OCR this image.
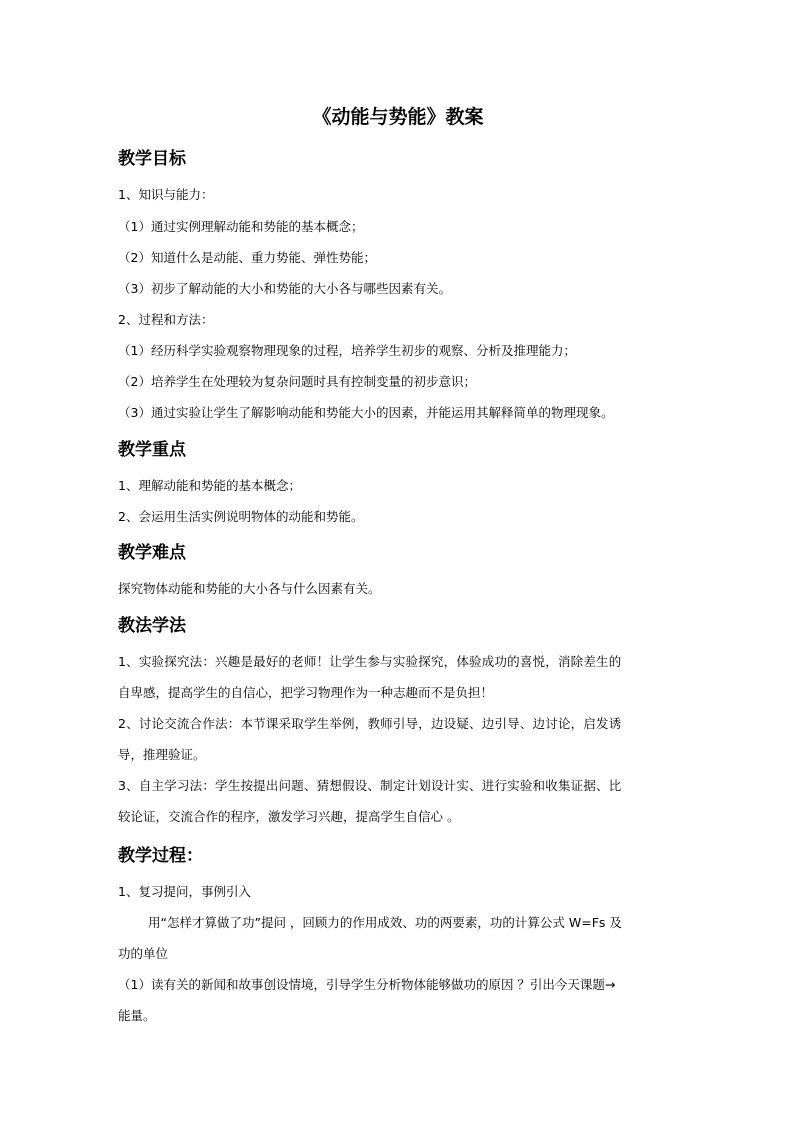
《动能与势能》教案
教学目标
1、知识与能力：
（1）通过实例理解动能和势能的基本概念；
（2）知道什么是动能、重力势能、弹性势能；
（3）初步了解动能的大小和势能的大小各与哪些因素有关。
2、过程和方法：
（1）经历科学实验观察物理现象的过程，培养学生初步的观察、分析及推理能力；
（2）培养学生在处理较为复杂问题时具有控制变量的初步意识；
（3）通过实验让学生了解影响动能和势能大小的因素，并能运用其解释简单的物理现象。
教学重点
1、理解动能和势能的基本概念；
2、会运用生活实例说明物体的动能和势能。
教学难点
探究物体动能和势能的大小各与什么因素有关。
教法学法
1、实验探究法：兴趣是最好的老师！让学生参与实验探究，体验成功的喜悦，消除差生的
自卑感，提高学生的自信心，把学习物理作为一种志趣而不是负担！
2、讨论交流合作法：本节课采取学生举例，教师引导，边设疑、边引导、边讨论，启发诱
导，推理验证。
3、自主学习法：学生按提出问题、猜想假设、制定计划设计实、进行实验和收集证据、比
较论证，交流合作的程序，激发学习兴趣，提高学生自信心 。
教学过程：
1、复习提问，事例引入
用“怎样才算做了功”提问 ，回顾力的作用成效、功的两要素，功的计算公式 W=Fs 及
功的单位
（1）读有关的新闻和故事创设情境，引导学生分析物体能够做功的原因 ？引出今天课题→
能量。
